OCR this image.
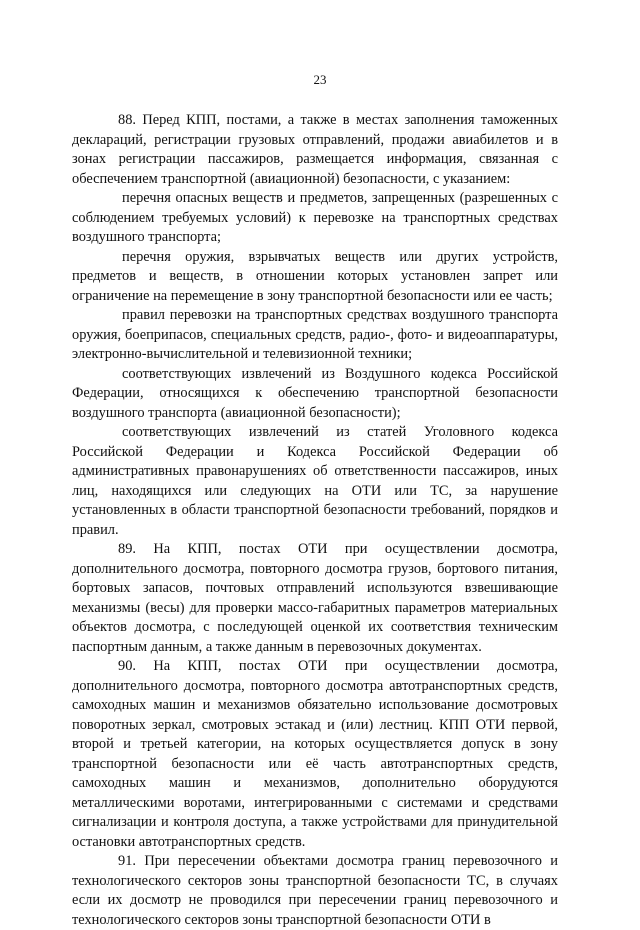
23

88. Перед КПП, постами, а также в местах заполнения таможенных деклараций, регистрации грузовых отправлений, продажи авиабилетов и в зонах регистрации пассажиров, размещается информация, связанная с обеспечением транспортной (авиационной) безопасности, с указанием:

перечня опасных веществ и предметов, запрещенных (разрешенных с соблюдением требуемых условий) к перевозке на транспортных средствах воздушного транспорта;

перечня оружия, взрывчатых веществ или других устройств, предметов и веществ, в отношении которых установлен запрет или ограничение на перемещение в зону транспортной безопасности или ее часть;

правил перевозки на транспортных средствах воздушного транспорта оружия, боеприпасов, специальных средств, радио-, фото- и видеоаппаратуры, электронно-вычислительной и телевизионной техники;

соответствующих извлечений из Воздушного кодекса Российской Федерации, относящихся к обеспечению транспортной безопасности воздушного транспорта (авиационной безопасности);

соответствующих извлечений из статей Уголовного кодекса Российской Федерации и Кодекса Российской Федерации об административных правонарушениях об ответственности пассажиров, иных лиц, находящихся или следующих на ОТИ или ТС, за нарушение установленных в области транспортной безопасности требований, порядков и правил.

89. На КПП, постах ОТИ при осуществлении досмотра, дополнительного досмотра, повторного досмотра грузов, бортового питания, бортовых запасов, почтовых отправлений используются взвешивающие механизмы (весы) для проверки массо-габаритных параметров материальных объектов досмотра, с последующей оценкой их соответствия техническим паспортным данным, а также данным в перевозочных документах.

90. На КПП, постах ОТИ при осуществлении досмотра, дополнительного досмотра, повторного досмотра автотранспортных средств, самоходных машин и механизмов обязательно использование досмотровых поворотных зеркал, смотровых эстакад и (или) лестниц. КПП ОТИ первой, второй и третьей категории, на которых осуществляется допуск в зону транспортной безопасности или её часть автотранспортных средств, самоходных машин и механизмов, дополнительно оборудуются металлическими воротами, интегрированными с системами и средствами сигнализации и контроля доступа, а также устройствами для принудительной остановки автотранспортных средств.

91. При пересечении объектами досмотра границ перевозочного и технологического секторов зоны транспортной безопасности ТС, в случаях если их досмотр не проводился при пересечении границ перевозочного и технологического секторов зоны транспортной безопасности ОТИ в
